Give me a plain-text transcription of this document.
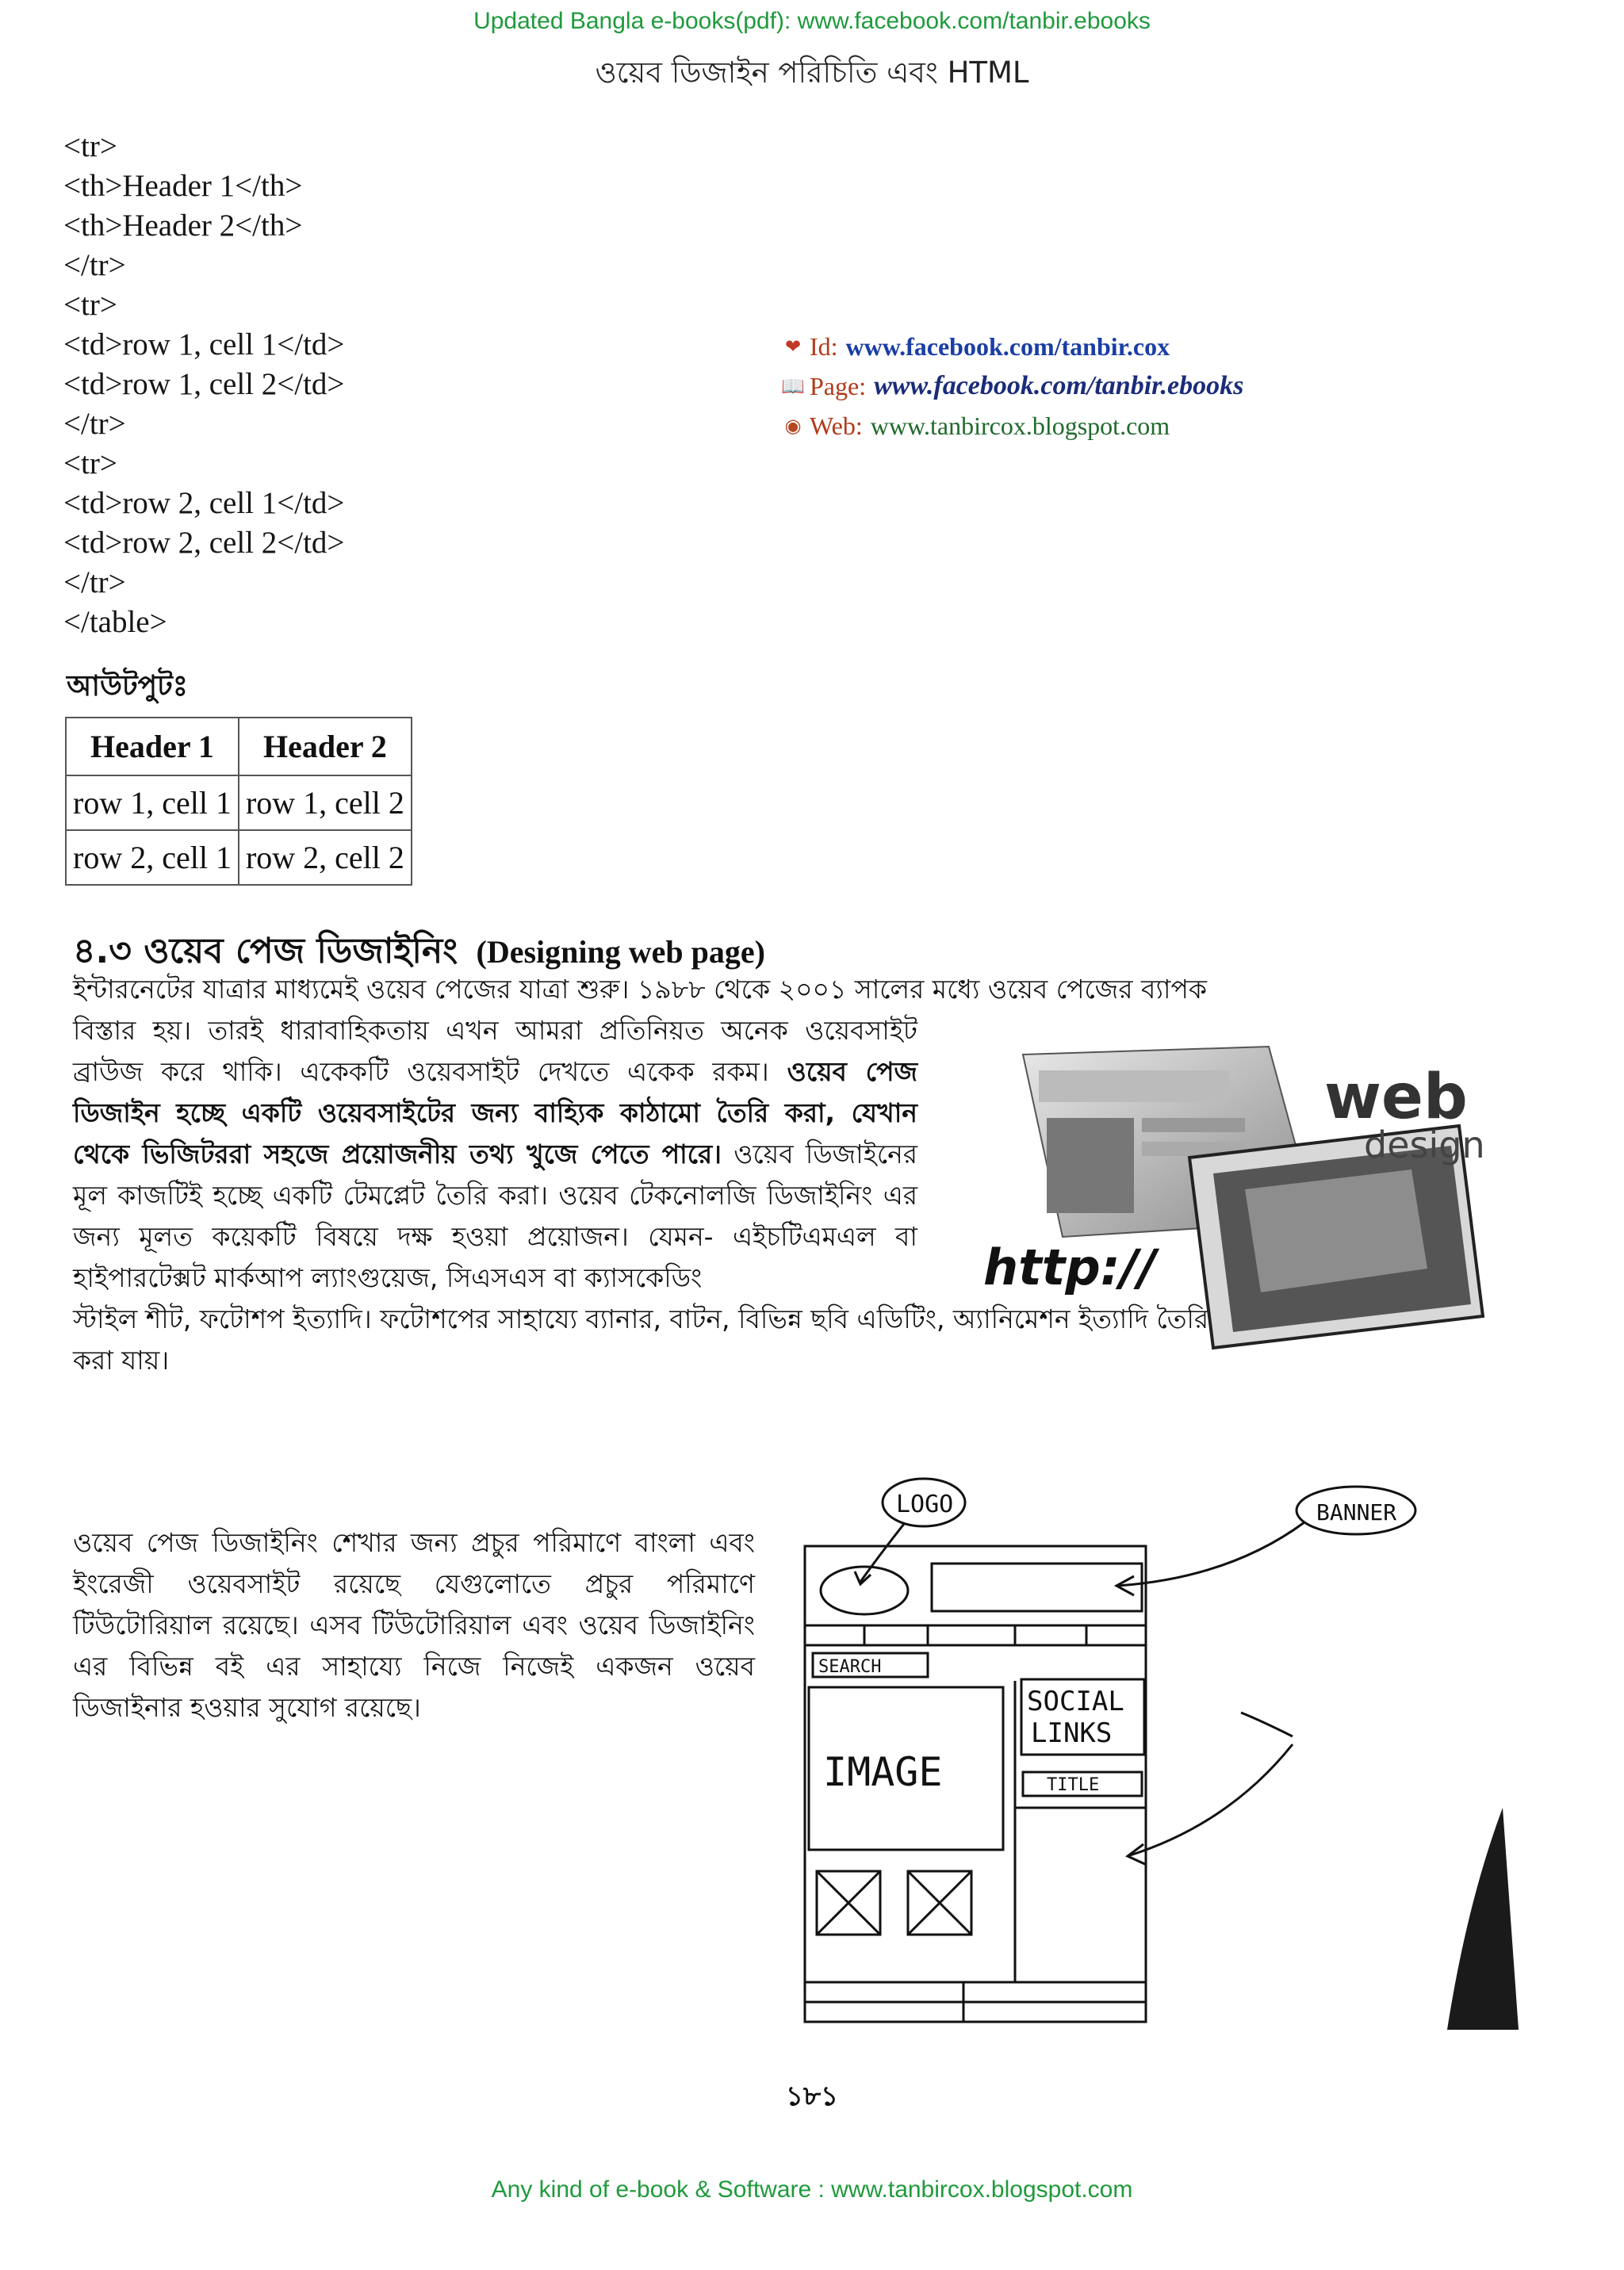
Updated Bangla e-books(pdf): www.facebook.com/tanbir.ebooks
ওয়েব ডিজাইন পরিচিতি এবং HTML
<tr>
<th>Header 1</th>
<th>Header 2</th>
</tr>
<tr>
<td>row 1, cell 1</td>
<td>row 1, cell 2</td>
</tr>
<tr>
<td>row 2, cell 1</td>
<td>row 2, cell 2</td>
</tr>
</table>
❤ Id: www.facebook.com/tanbir.cox
📖 Page: www.facebook.com/tanbir.ebooks
◉ Web: www.tanbircox.blogspot.com
আউটপুটঃ
Header 1	Header 2
row 1, cell 1	row 1, cell 2
row 2, cell 1	row 2, cell 2
৪.৩ ওয়েব পেজ ডিজাইনিং (Designing web page)
ইন্টারনেটের যাত্রার মাধ্যমেই ওয়েব পেজের যাত্রা শুরু। ১৯৮৮ থেকে ২০০১ সালের মধ্যে ওয়েব পেজের ব্যাপক
বিস্তার হয়। তারই ধারাবাহিকতায় এখন আমরা প্রতিনিয়ত অনেক ওয়েবসাইট ব্রাউজ করে থাকি। একেকটি ওয়েবসাইট দেখতে একেক রকম। ওয়েব পেজ ডিজাইন হচ্ছে একটি ওয়েবসাইটের জন্য বাহ্যিক কাঠামো তৈরি করা, যেখান থেকে ভিজিটররা সহজে প্রয়োজনীয় তথ্য খুজে পেতে পারে। ওয়েব ডিজাইনের মূল কাজটিই হচ্ছে একটি টেমপ্লেট তৈরি করা। ওয়েব টেকনোলজি ডিজাইনিং এর জন্য মূলত কয়েকটি বিষয়ে দক্ষ হওয়া প্রয়োজন। যেমন- এইচটিএমএল বা হাইপারটেক্সট মার্কআপ ল্যাংগুয়েজ, সিএসএস বা ক্যাসকেডিং
স্টাইল শীট, ফটোশপ ইত্যাদি। ফটোশপের সাহায্যে ব্যানার, বাটন, বিভিন্ন ছবি এডিটিং, অ্যানিমেশন ইত্যাদি তৈরি
করা যায়।
ওয়েব পেজ ডিজাইনিং শেখার জন্য প্রচুর পরিমাণে বাংলা এবং ইংরেজী ওয়েবসাইট রয়েছে যেগুলোতে প্রচুর পরিমাণে টিউটোরিয়াল রয়েছে। এসব টিউটোরিয়াল এবং ওয়েব ডিজাইনিং এর বিভিন্ন বই এর সাহায্যে নিজে নিজেই একজন ওয়েব ডিজাইনার হওয়ার সুযোগ রয়েছে।
web
design
http://
LOGO	BANNER
SEARCH
IMAGE
SOCIAL
LINKS
TITLE
১৮১
Any kind of e-book & Software : www.tanbircox.blogspot.com
